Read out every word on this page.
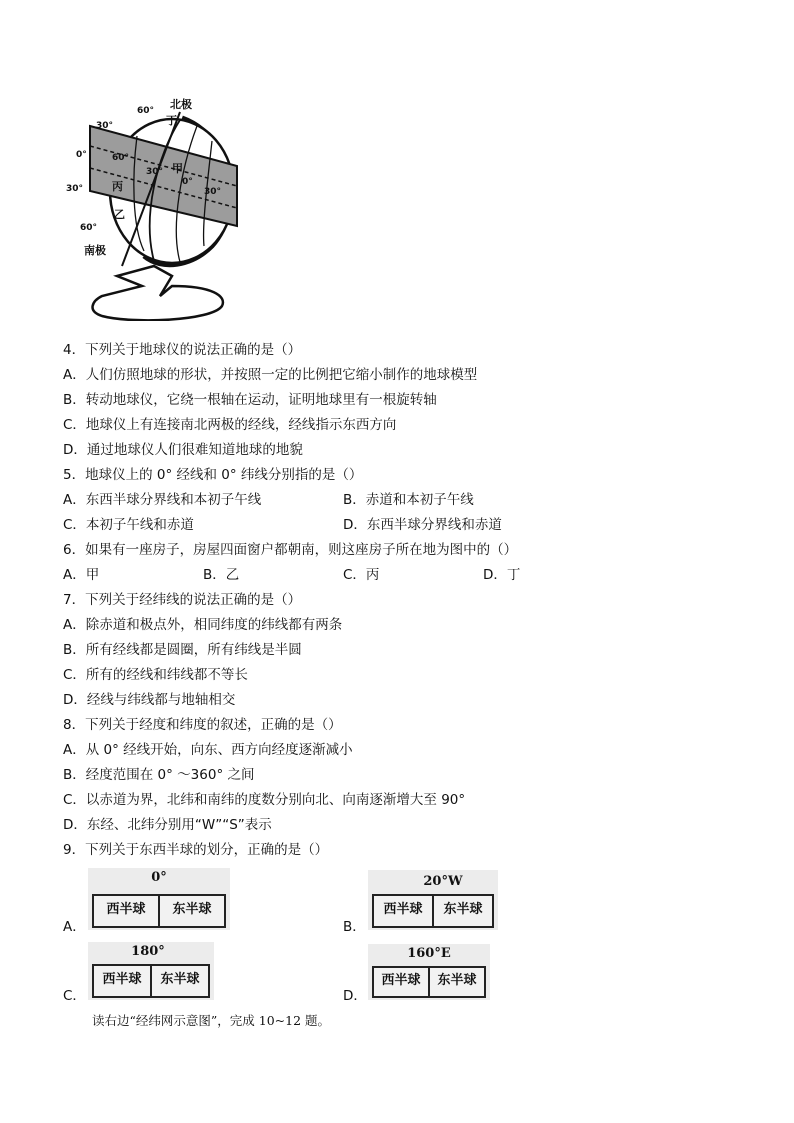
北极
60°
30°
0°
30°
60°
南极
60°
30°
0°
30°
甲
乙
丙
丁
4．下列关于地球仪的说法正确的是（）
A．人们仿照地球的形状，并按照一定的比例把它缩小制作的地球模型
B．转动地球仪，它绕一根轴在运动，证明地球里有一根旋转轴
C．地球仪上有连接南北两极的经线，经线指示东西方向
D．通过地球仪人们很难知道地球的地貌
5．地球仪上的 0° 经线和 0° 纬线分别指的是（）
A．东西半球分界线和本初子午线	B．赤道和本初子午线
C．本初子午线和赤道	D．东西半球分界线和赤道
6．如果有一座房子，房屋四面窗户都朝南，则这座房子所在地为图中的（）
A．甲	B．乙	C．丙	D．丁
7．下列关于经纬线的说法正确的是（）
A．除赤道和极点外，相同纬度的纬线都有两条
B．所有经线都是圆圈，所有纬线是半圆
C．所有的经线和纬线都不等长
D．经线与纬线都与地轴相交
8．下列关于经度和纬度的叙述，正确的是（）
A．从 0° 经线开始，向东、西方向经度逐渐减小
B．经度范围在 0° ～360° 之间
C．以赤道为界，北纬和南纬的度数分别向北、向南逐渐增大至 90°
D．东经、北纬分别用“W”“S”表示
9．下列关于东西半球的划分，正确的是（）
A．
0°
西半球	东半球
B．
20°W
西半球	东半球
C．
180°
西半球	东半球
D．
160°E
西半球	东半球
读右边“经纬网示意图”，完成 10~12 题。
